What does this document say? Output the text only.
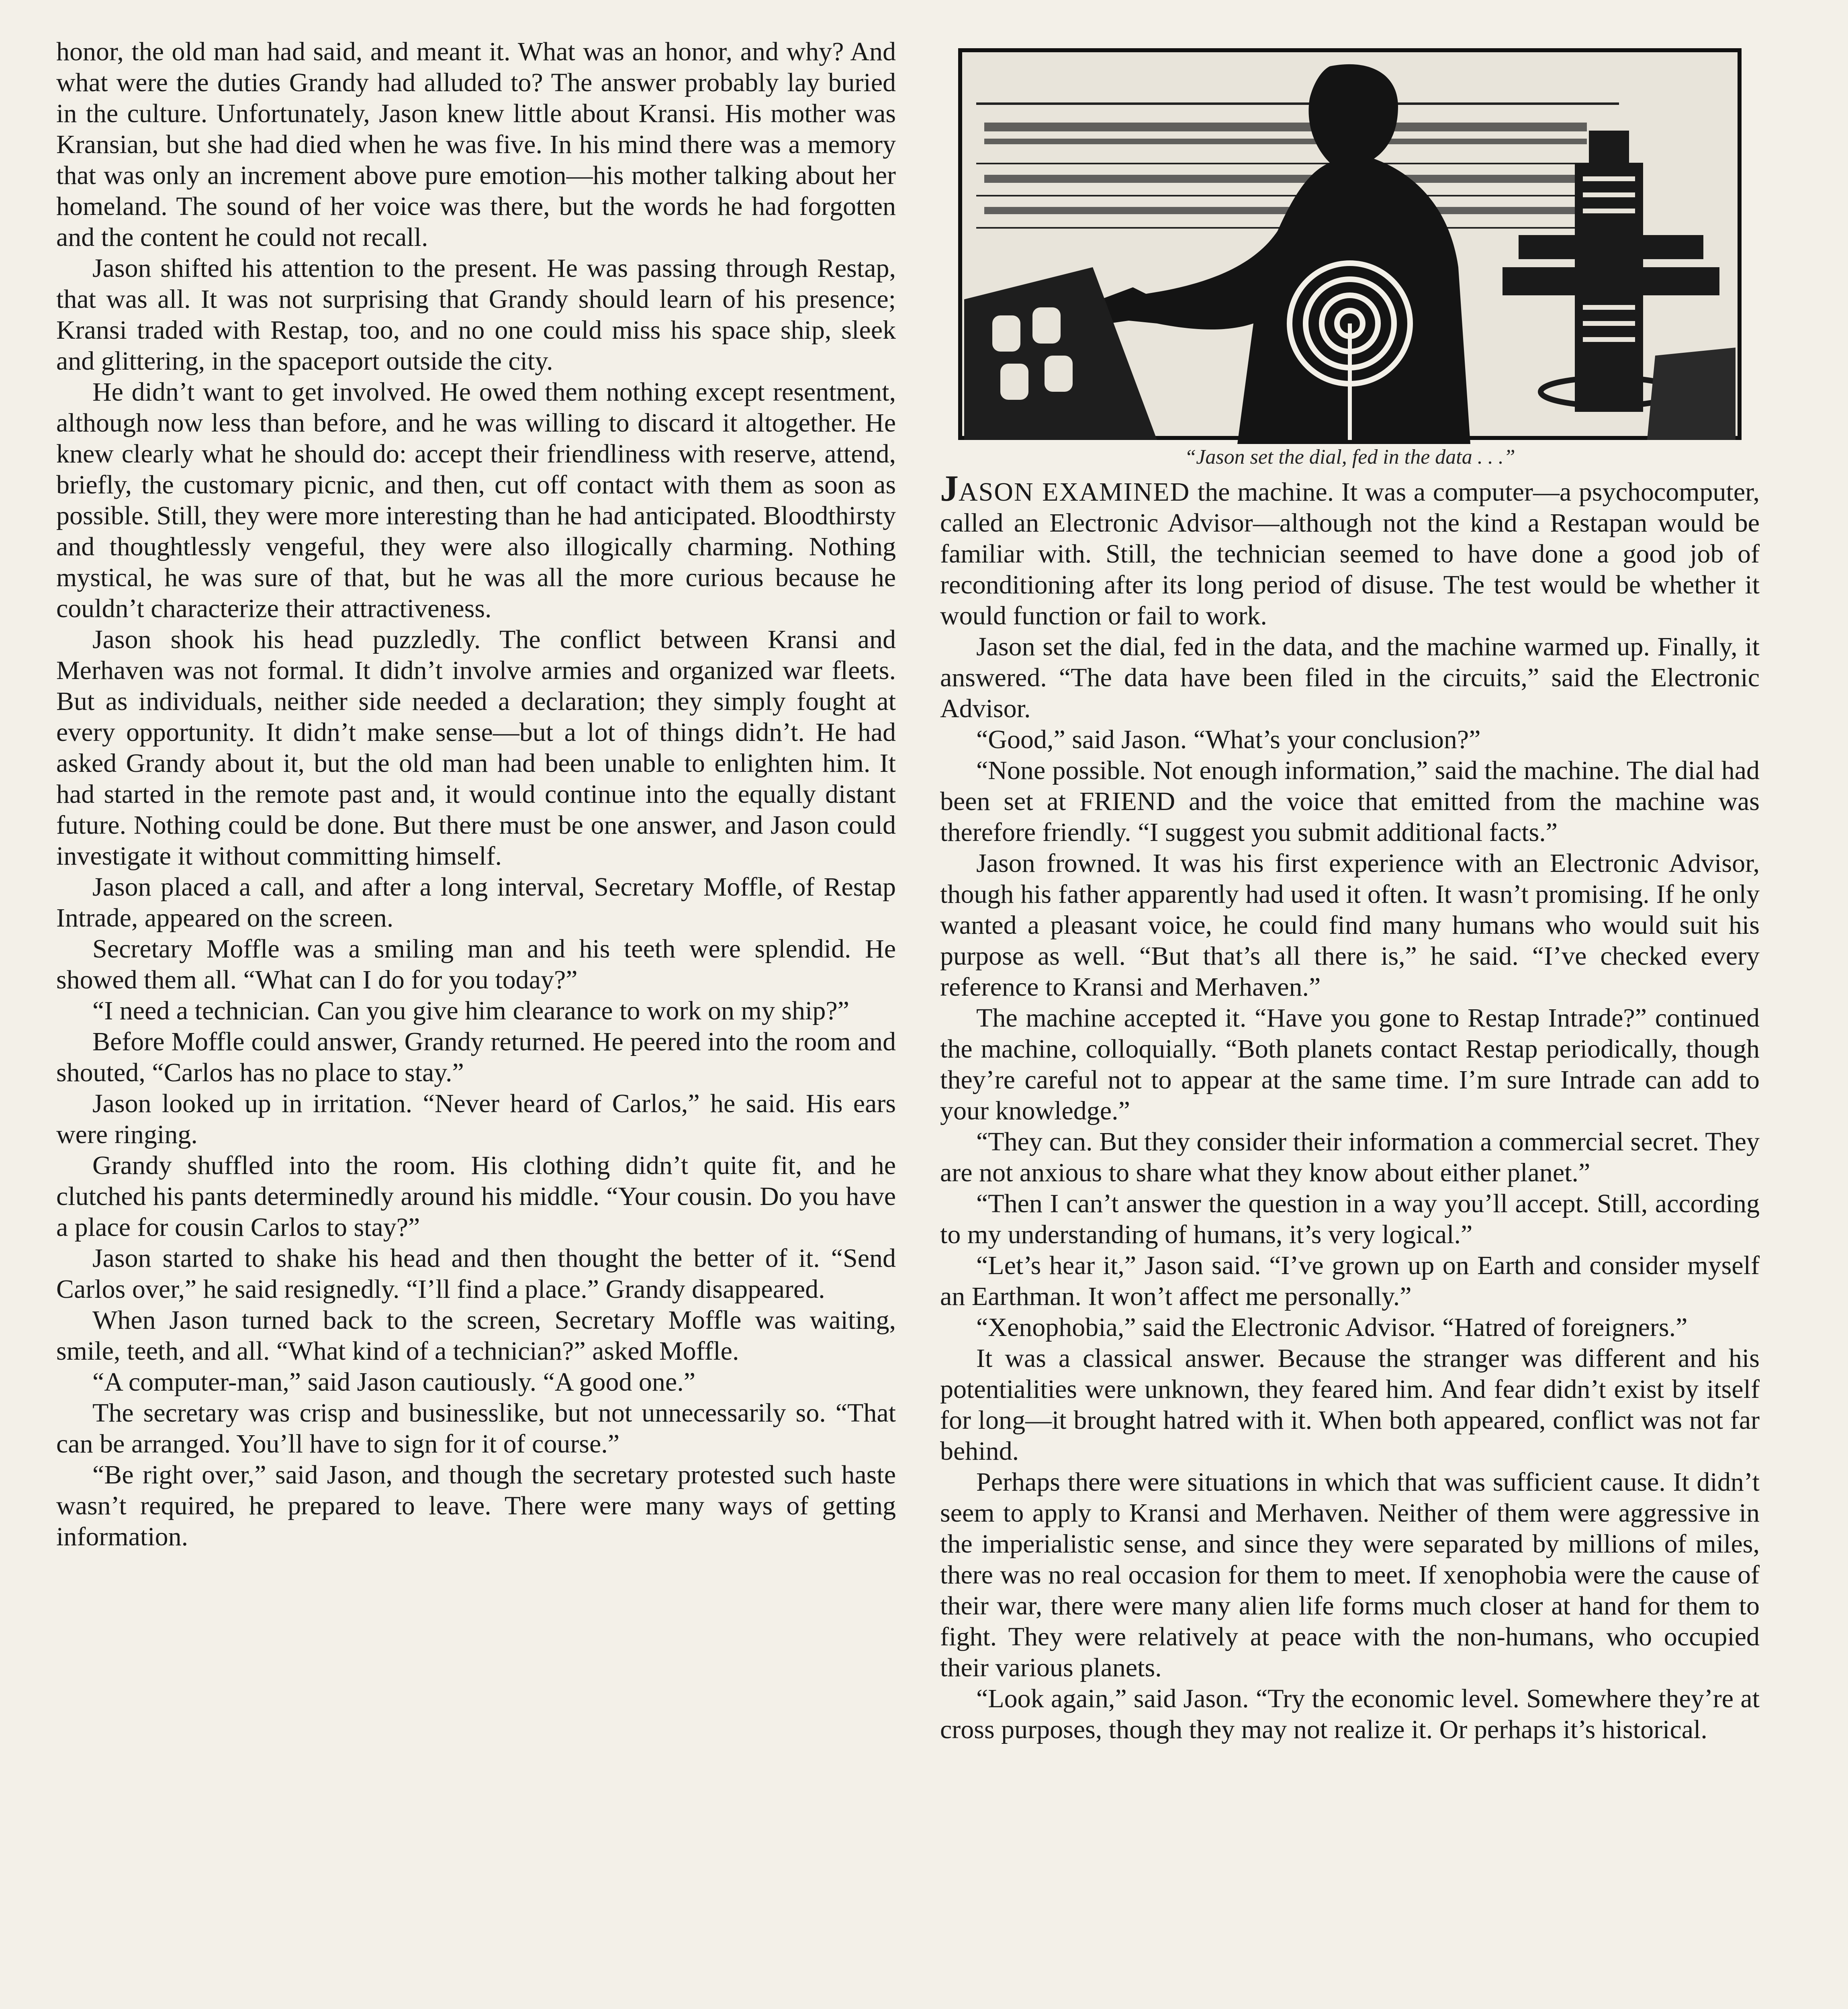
“Jason set the dial, fed in the data . . .”

honor, the old man had said, and meant it. What was an honor, and why? And what were the duties Grandy had alluded to? The answer probably lay buried in the culture. Unfortunately, Jason knew little about Kransi. His mother was Kransian, but she had died when he was five. In his mind there was a memory that was only an increment above pure emotion—his mother talking about her homeland. The sound of her voice was there, but the words he had forgotten and the content he could not recall.

Jason shifted his attention to the present. He was passing through Restap, that was all. It was not surprising that Grandy should learn of his presence; Kransi traded with Restap, too, and no one could miss his space ship, sleek and glittering, in the spaceport outside the city.

He didn’t want to get involved. He owed them nothing except resentment, although now less than before, and he was willing to discard it altogether. He knew clearly what he should do: accept their friendliness with reserve, attend, briefly, the customary picnic, and then, cut off contact with them as soon as possible. Still, they were more interesting than he had anticipated. Bloodthirsty and thoughtlessly vengeful, they were also illogically charming. Nothing mystical, he was sure of that, but he was all the more curious because he couldn’t characterize their attractiveness.

Jason shook his head puzzledly. The conflict between Kransi and Merhaven was not formal. It didn’t involve armies and organized war fleets. But as individuals, neither side needed a declaration; they simply fought at every opportunity. It didn’t make sense—but a lot of things didn’t. He had asked Grandy about it, but the old man had been unable to enlighten him. It had started in the remote past and, it would continue into the equally distant future. Nothing could be done. But there must be one answer, and Jason could investigate it without committing himself.

Jason placed a call, and after a long interval, Secretary Moffle, of Restap Intrade, appeared on the screen.

Secretary Moffle was a smiling man and his teeth were splendid. He showed them all. “What can I do for you today?”

“I need a technician. Can you give him clearance to work on my ship?”

Before Moffle could answer, Grandy returned. He peered into the room and shouted, “Carlos has no place to stay.”

Jason looked up in irritation. “Never heard of Carlos,” he said. His ears were ringing.

Grandy shuffled into the room. His clothing didn’t quite fit, and he clutched his pants determinedly around his middle. “Your cousin. Do you have a place for cousin Carlos to stay?”

Jason started to shake his head and then thought the better of it. “Send Carlos over,” he said resignedly. “I’ll find a place.” Grandy disappeared.

When Jason turned back to the screen, Secretary Moffle was waiting, smile, teeth, and all. “What kind of a technician?” asked Moffle.

“A computer-man,” said Jason cautiously. “A good one.”

The secretary was crisp and businesslike, but not unnecessarily so. “That can be arranged. You’ll have to sign for it of course.”

“Be right over,” said Jason, and though the secretary protested such haste wasn’t required, he prepared to leave. There were many ways of getting information.

JASON EXAMINED the machine. It was a computer—a psychocomputer, called an Electronic Advisor—although not the kind a Restapan would be familiar with. Still, the technician seemed to have done a good job of reconditioning after its long period of disuse. The test would be whether it would function or fail to work.

Jason set the dial, fed in the data, and the machine warmed up. Finally, it answered. “The data have been filed in the circuits,” said the Electronic Advisor.

“Good,” said Jason. “What’s your conclusion?”

“None possible. Not enough information,” said the machine. The dial had been set at FRIEND and the voice that emitted from the machine was therefore friendly. “I suggest you submit additional facts.”

Jason frowned. It was his first experience with an Electronic Advisor, though his father apparently had used it often. It wasn’t promising. If he only wanted a pleasant voice, he could find many humans who would suit his purpose as well. “But that’s all there is,” he said. “I’ve checked every reference to Kransi and Merhaven.”

The machine accepted it. “Have you gone to Restap Intrade?” continued the machine, colloquially. “Both planets contact Restap periodically, though they’re careful not to appear at the same time. I’m sure Intrade can add to your knowledge.”

“They can. But they consider their information a commercial secret. They are not anxious to share what they know about either planet.”

“Then I can’t answer the question in a way you’ll accept. Still, according to my understanding of humans, it’s very logical.”

“Let’s hear it,” Jason said. “I’ve grown up on Earth and consider myself an Earthman. It won’t affect me personally.”

“Xenophobia,” said the Electronic Advisor. “Hatred of foreigners.”

It was a classical answer. Because the stranger was different and his potentialities were unknown, they feared him. And fear didn’t exist by itself for long—it brought hatred with it. When both appeared, conflict was not far behind.

Perhaps there were situations in which that was sufficient cause. It didn’t seem to apply to Kransi and Merhaven. Neither of them were aggressive in the imperialistic sense, and since they were separated by millions of miles, there was no real occasion for them to meet. If xenophobia were the cause of their war, there were many alien life forms much closer at hand for them to fight. They were relatively at peace with the non-humans, who occupied their various planets.

“Look again,” said Jason. “Try the economic level. Somewhere they’re at cross purposes, though they may not realize it. Or perhaps it’s historical.
